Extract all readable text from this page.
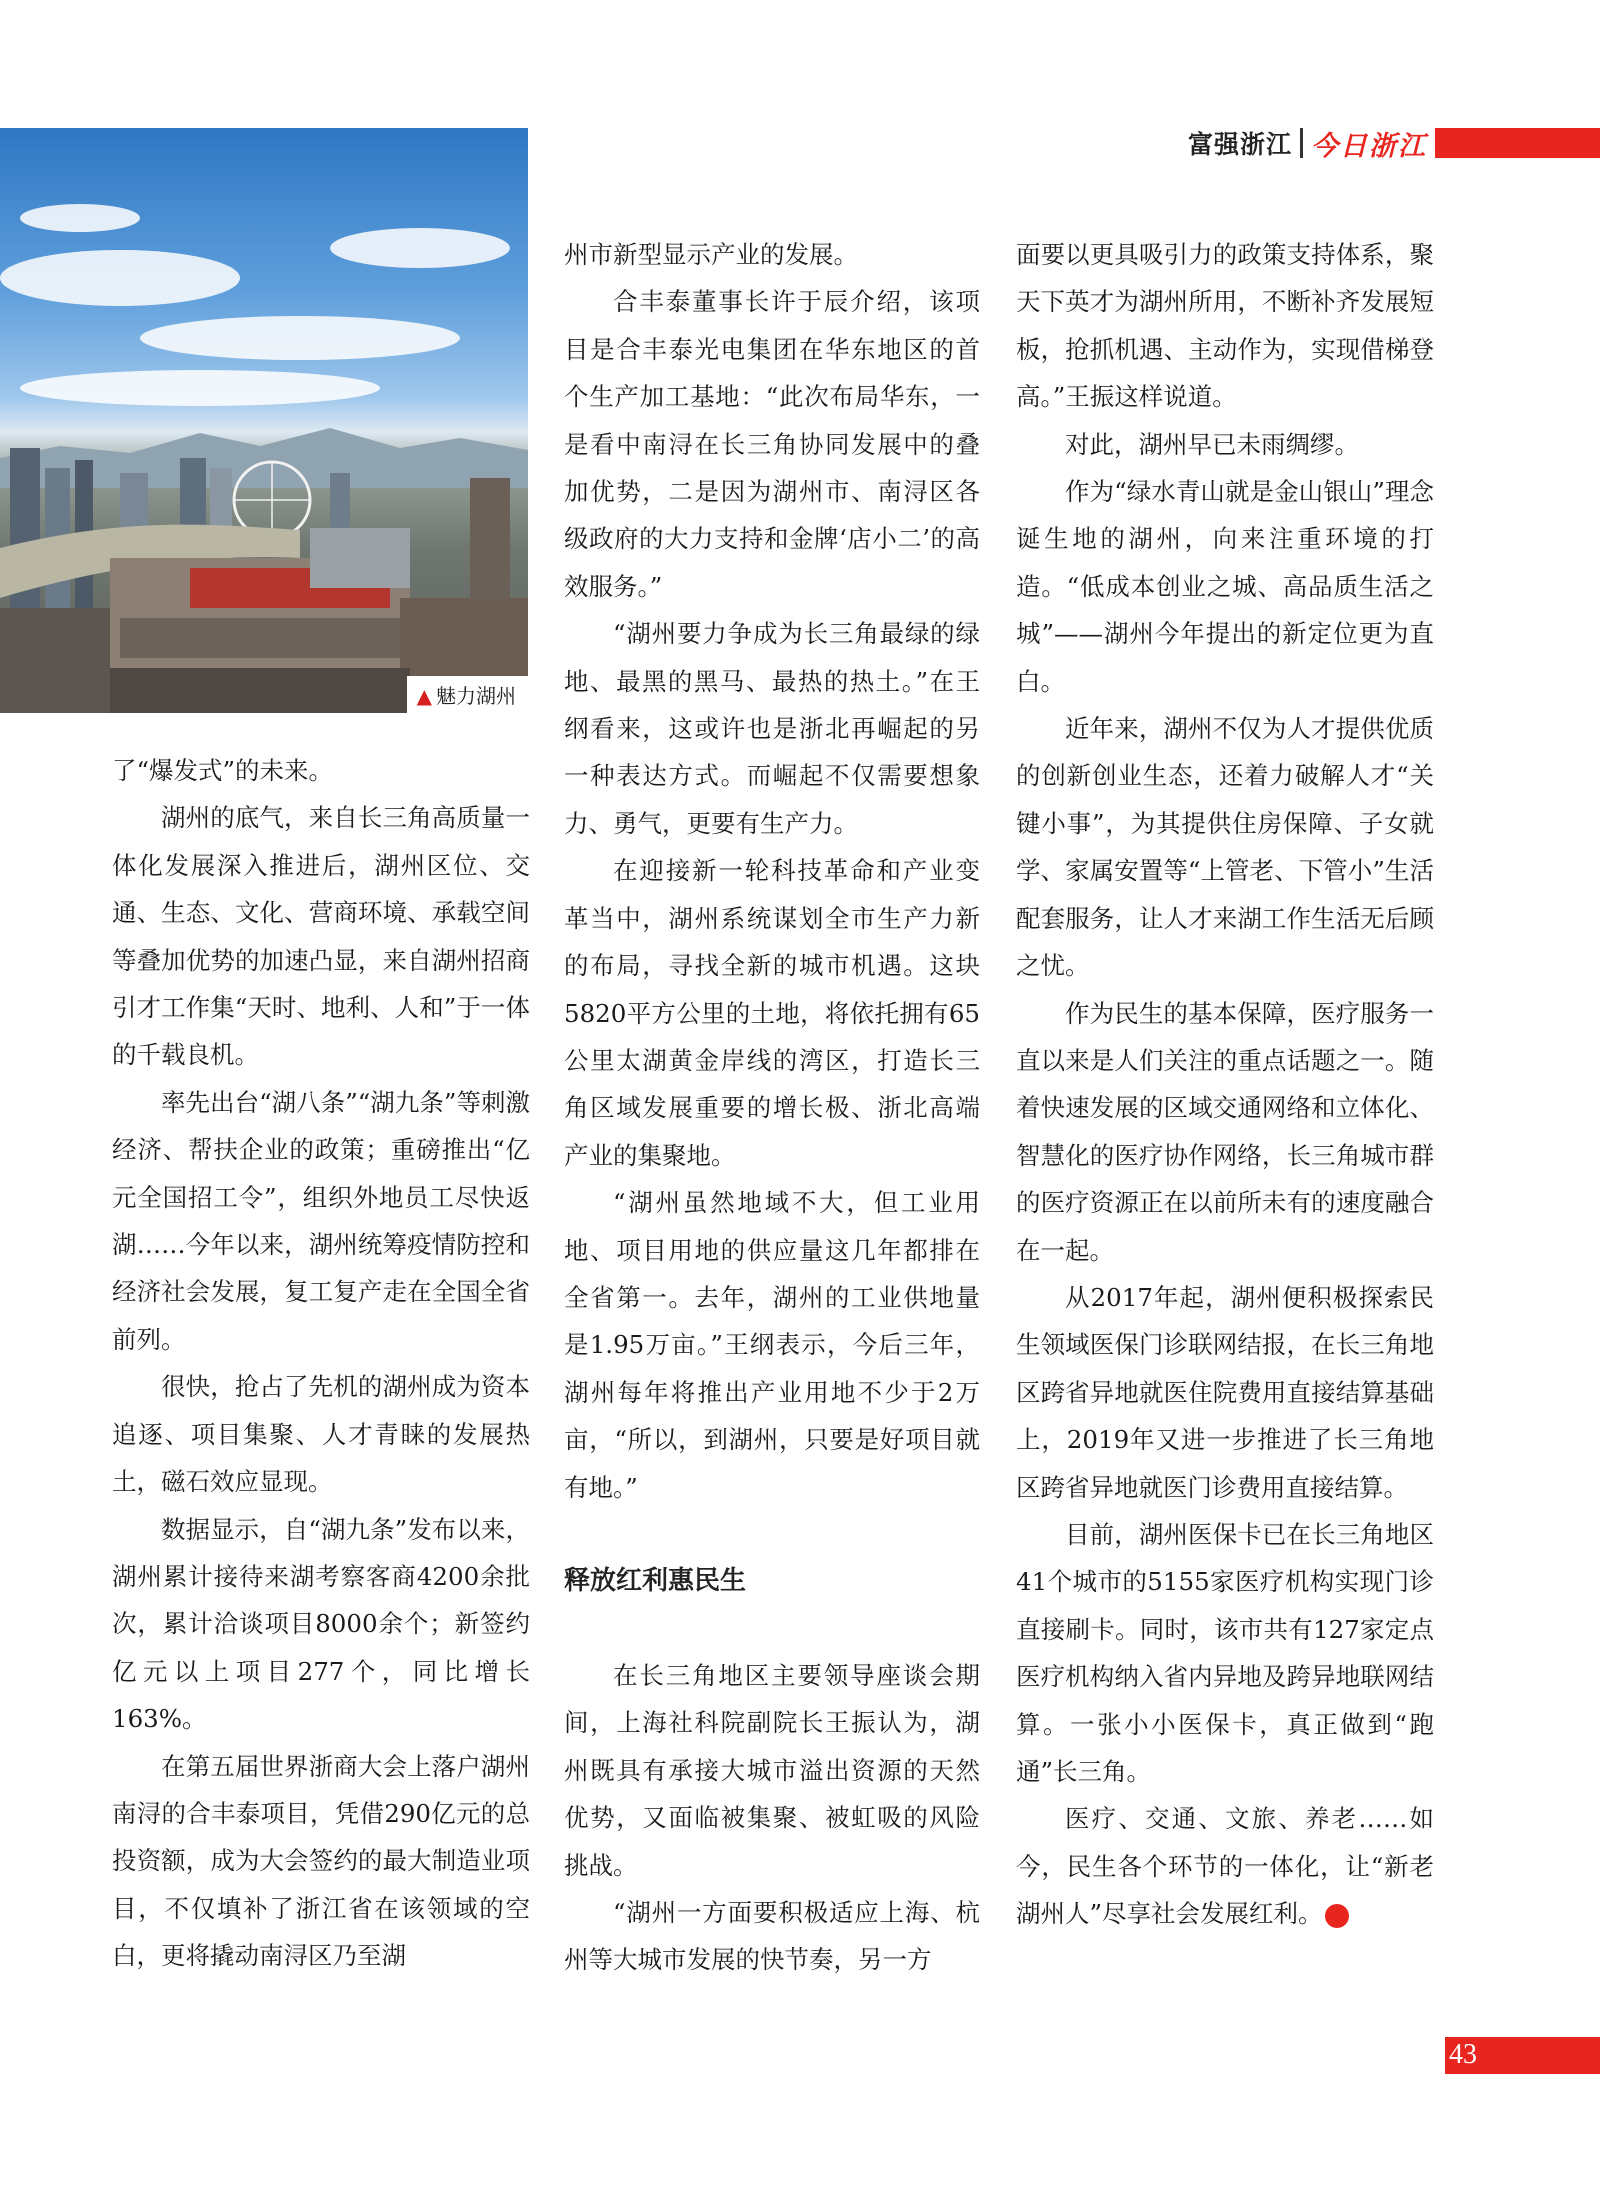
富强浙江 今日浙江
▲ 魅力湖州

了“爆发式”的未来。

湖州的底气，来自长三角高质量一体化发展深入推进后，湖州区位、交通、生态、文化、营商环境、承载空间等叠加优势的加速凸显，来自湖州招商引才工作集“天时、地利、人和”于一体的千载良机。

率先出台“湖八条”“湖九条”等刺激经济、帮扶企业的政策；重磅推出“亿元全国招工令”，组织外地员工尽快返湖……今年以来，湖州统筹疫情防控和经济社会发展，复工复产走在全国全省前列。

很快，抢占了先机的湖州成为资本追逐、项目集聚、人才青睐的发展热土，磁石效应显现。

数据显示，自“湖九条”发布以来，湖州累计接待来湖考察客商4200余批次，累计洽谈项目8000余个；新签约亿元以上项目277个，同比增长163%。

在第五届世界浙商大会上落户湖州南浔的合丰泰项目，凭借290亿元的总投资额，成为大会签约的最大制造业项目，不仅填补了浙江省在该领域的空白，更将撬动南浔区乃至湖

州市新型显示产业的发展。

合丰泰董事长许于辰介绍，该项目是合丰泰光电集团在华东地区的首个生产加工基地：“此次布局华东，一是看中南浔在长三角协同发展中的叠加优势，二是因为湖州市、南浔区各级政府的大力支持和金牌‘店小二’的高效服务。”

“湖州要力争成为长三角最绿的绿地、最黑的黑马、最热的热土。”在王纲看来，这或许也是浙北再崛起的另一种表达方式。而崛起不仅需要想象力、勇气，更要有生产力。

在迎接新一轮科技革命和产业变革当中，湖州系统谋划全市生产力新的布局，寻找全新的城市机遇。这块5820平方公里的土地，将依托拥有65公里太湖黄金岸线的湾区，打造长三角区域发展重要的增长极、浙北高端产业的集聚地。

“湖州虽然地域不大，但工业用地、项目用地的供应量这几年都排在全省第一。去年，湖州的工业供地量是1.95万亩。”王纲表示，今后三年，湖州每年将推出产业用地不少于2万亩，“所以，到湖州，只要是好项目就有地。”

释放红利惠民生

在长三角地区主要领导座谈会期间，上海社科院副院长王振认为，湖州既具有承接大城市溢出资源的天然优势，又面临被集聚、被虹吸的风险挑战。

“湖州一方面要积极适应上海、杭州等大城市发展的快节奏，另一方

面要以更具吸引力的政策支持体系，聚天下英才为湖州所用，不断补齐发展短板，抢抓机遇、主动作为，实现借梯登高。”王振这样说道。

对此，湖州早已未雨绸缪。

作为“绿水青山就是金山银山”理念诞生地的湖州，向来注重环境的打造。“低成本创业之城、高品质生活之城”——湖州今年提出的新定位更为直白。

近年来，湖州不仅为人才提供优质的创新创业生态，还着力破解人才“关键小事”，为其提供住房保障、子女就学、家属安置等“上管老、下管小”生活配套服务，让人才来湖工作生活无后顾之忧。

作为民生的基本保障，医疗服务一直以来是人们关注的重点话题之一。随着快速发展的区域交通网络和立体化、智慧化的医疗协作网络，长三角城市群的医疗资源正在以前所未有的速度融合在一起。

从2017年起，湖州便积极探索民生领域医保门诊联网结报，在长三角地区跨省异地就医住院费用直接结算基础上，2019年又进一步推进了长三角地区跨省异地就医门诊费用直接结算。

目前，湖州医保卡已在长三角地区41个城市的5155家医疗机构实现门诊直接刷卡。同时，该市共有127家定点医疗机构纳入省内异地及跨异地联网结算。一张小小医保卡，真正做到“跑通”长三角。

医疗、交通、文旅、养老……如今，民生各个环节的一体化，让“新老湖州人”尽享社会发展红利。	今

43
